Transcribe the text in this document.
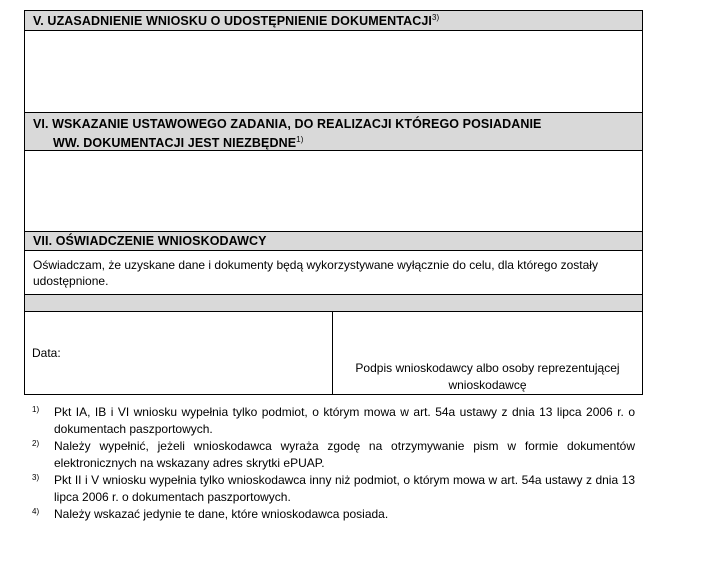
V. UZASADNIENIE WNIOSKU O UDOSTĘPNIENIE DOKUMENTACJI$^{3)}$
VI. WSKAZANIE USTAWOWEGO ZADANIA, DO REALIZACJI KTÓREGO POSIADANIE
WW. DOKUMENTACJI JEST NIEZBĘDNE$^{1)}$
VII. OŚWIADCZENIE WNIOSKODAWCY
Oświadczam, że uzyskane dane i dokumenty będą wykorzystywane wyłącznie do celu, dla którego zostały udostępnione.
Data:
Podpis wnioskodawcy albo osoby reprezentującej wnioskodawcę
1)	Pkt IA, IB i VI wniosku wypełnia tylko podmiot, o którym mowa w art. 54a ustawy z dnia 13 lipca 2006 r. o dokumentach paszportowych.
2)	Należy wypełnić, jeżeli wnioskodawca wyraża zgodę na otrzymywanie pism w formie dokumentów elektronicznych na wskazany adres skrytki ePUAP.
3)	Pkt II i V wniosku wypełnia tylko wnioskodawca inny niż podmiot, o którym mowa w art. 54a ustawy z dnia 13 lipca 2006 r. o dokumentach paszportowych.
4)	Należy wskazać jedynie te dane, które wnioskodawca posiada.
